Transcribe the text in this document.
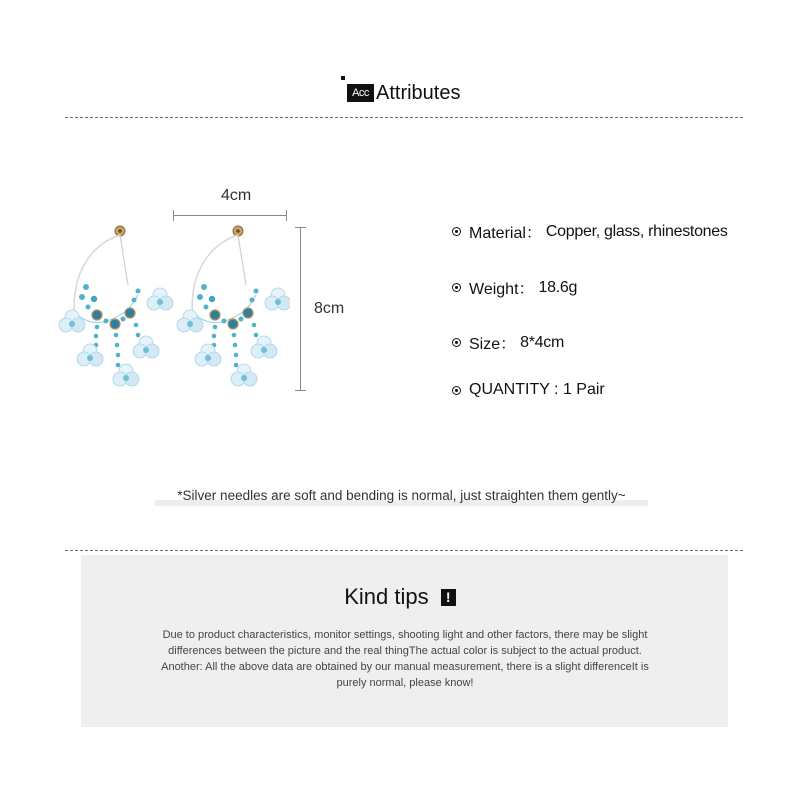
Acc Attributes
4cm
8cm
Material： Copper, glass, rhinestones
Weight： 18.6g
Size： 8*4cm
QUANTITY : 1 Pair
*Silver needles are soft and bending is normal, just straighten them gently~
Kind tips !
Due to product characteristics, monitor settings, shooting light and other factors, there may be slight
differences between the picture and the real thingThe actual color is subject to the actual product.
Another: All the above data are obtained by our manual measurement, there is a slight differenceIt is
purely normal, please know!
